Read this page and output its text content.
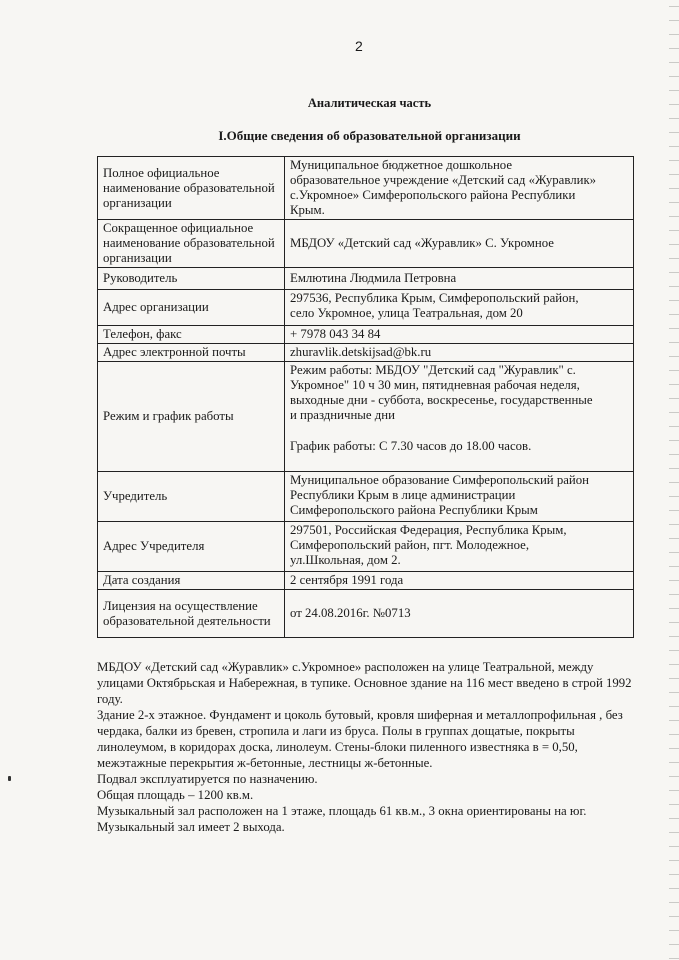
2
Аналитическая часть
I.Общие сведения об образовательной организации
Полное официальное наименование образовательной организации	Муниципальное бюджетное дошкольное
образовательное учреждение «Детский сад «Журавлик»
с.Укромное» Симферопольского района Республики
Крым.

Сокращенное официальное наименование образовательной организации	МБДОУ «Детский сад «Журавлик» С. Укромное

Руководитель	Емлютина Людмила Петровна

Адрес организации	297536, Республика Крым, Симферопольский район,
село Укромное, улица Театральная, дом 20

Телефон, факс	+ 7978 043 34 84

Адрес электронной почты	zhuravlik.detskijsad@bk.ru

Режим и график работы	Режим работы: МБДОУ "Детский сад "Журавлик" с.
Укромное" 10 ч 30 мин, пятидневная рабочая неделя,
выходные дни - суббота, воскресенье, государственные
и праздничные дни
График работы: С 7.30 часов до 18.00 часов.

Учредитель	Муниципальное образование Симферопольский район
Республики Крым в лице администрации
Симферопольского района Республики Крым

Адрес Учредителя	297501, Российская Федерация, Республика Крым,
Симферопольский район, пгт. Молодежное,
ул.Школьная, дом 2.

Дата создания	2 сентября 1991 года

Лицензия на осуществление образовательной деятельности	от 24.08.2016г. №0713

МБДОУ «Детский сад «Журавлик» с.Укромное» расположен на улице Театральной, между улицами Октябрьская и Набережная, в тупике. Основное здание на 116 мест введено в строй 1992 году.

Здание 2-х этажное. Фундамент и цоколь бутовый, кровля шиферная и металлопрофильная , без чердака, балки из бревен, стропила и лаги из бруса. Полы в группах дощатые, покрыты линолеумом, в коридорах доска, линолеум. Стены-блоки пиленного известняка в = 0,50, межэтажные перекрытия ж-бетонные, лестницы ж-бетонные.

Подвал эксплуатируется по назначению.

Общая площадь – 1200 кв.м.

Музыкальный зал расположен на 1 этаже, площадь 61 кв.м., 3 окна ориентированы на юг. Музыкальный зал имеет 2 выхода.
